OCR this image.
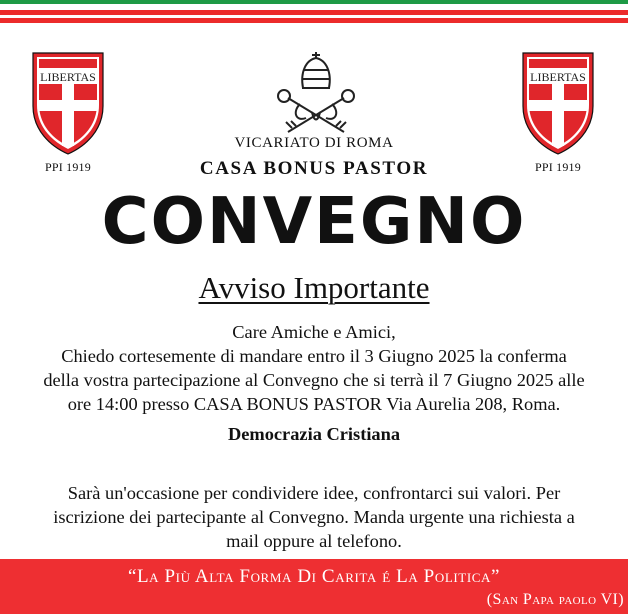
LIBERTAS
PPI 1919
LIBERTAS
PPI 1919
VICARIATO DI ROMA
CASA BONUS PASTOR
CONVEGNO
Avviso Importante
Care Amiche e Amici,
Chiedo cortesemente di mandare entro il 3 Giugno 2025 la conferma
della vostra partecipazione al Convegno che si terrà il 7 Giugno 2025 alle
ore 14:00 presso CASA BONUS PASTOR Via Aurelia 208, Roma.
Democrazia Cristiana
Sarà un'occasione per condividere idee, confrontarci sui valori. Per
iscrizione dei partecipante al Convegno. Manda urgente una richiesta a
mail oppure al telefono.
“La Più Alta Forma Di Carita é La Politica”
(San Papa paolo VI)
